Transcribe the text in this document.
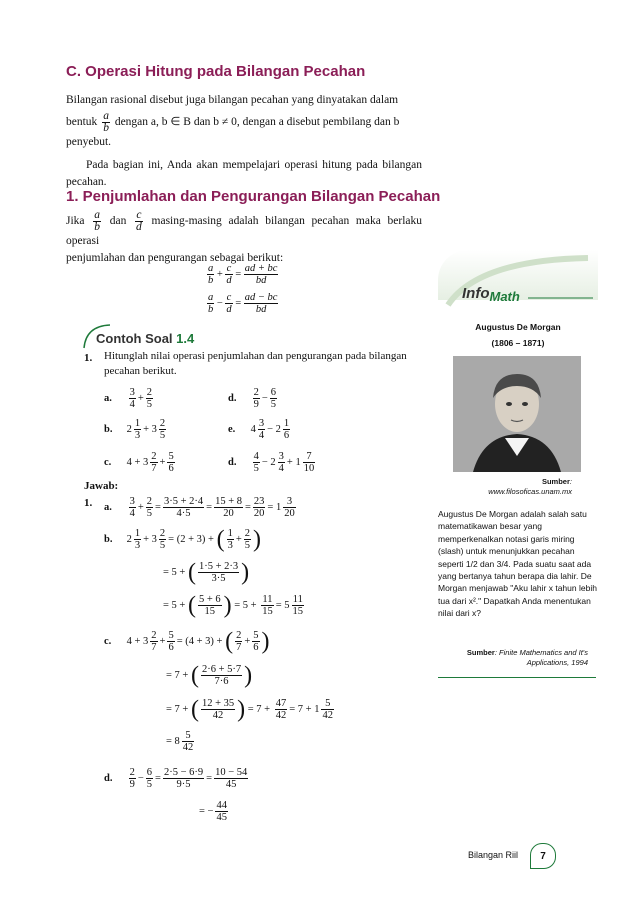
C. Operasi Hitung pada Bilangan Pecahan
Bilangan rasional disebut juga bilangan pecahan yang dinyatakan dalam
bentuk $\frac{a}{b}$ dengan a, b ∈ B dan b ≠ 0, dengan a disebut pembilang dan b
penyebut.
Pada bagian ini, Anda akan mempelajari operasi hitung pada bilangan pecahan.
1. Penjumlahan dan Pengurangan Bilangan Pecahan
Jika $\frac{a}{b}$ dan $\frac{c}{d} masing-masing$ adalah bilangan pecahan maka berlaku operasi
penjumlahan dan pengurangan sebagai berikut:
$\frac{a}{b} + \frac{c}{d} = \frac{ad + bc}{bd}$
$\frac{a}{b} - \frac{c}{d} = \frac{ad - bc}{bd}$
Contoh Soal 1.4
1. Hitunglah nilai operasi penjumlahan dan pengurangan pada bilangan pecahan berikut.
a. $\frac{3}{4} + \frac{2}{5}$	d. $\frac{2}{9} - \frac{6}{5}$
b. $2 \frac{1}{3} + 3 \frac{2}{5}$	e. $4 \frac{3}{4} - 2 \frac{1}{6}$
c. $4 + 3 \frac{2}{7} + \frac{5}{6}$	d. $\frac{4}{5} - 2 \frac{3}{4} + 1 \frac{7}{10}$
Jawab:
1. a. $\frac{3}{4} + \frac{2}{5} = \frac{3\cdot 5 + 2\cdot 4}{4\cdot 5} = \frac{15 + 8}{20} = \frac{23}{20} = 1 \frac{3}{20}$
b. $2 \frac{1}{3} + 3 \frac{2}{5} = (2 + 3)$ + ( $\frac{1}{3} + \frac{2}{5}$ )
= 5 + ( $\frac{1\cdot 5 + 2\cdot 3}{3\cdot 5}$ )
= 5 + ( $\frac{5 + 6}{15}$ ) = $5 + \frac{11}{15} = 5 \frac{11}{15}$
c. $4 + 3 \frac{2}{7} + \frac{5}{6} = (4 + 3)$ + ( $\frac{2}{7} + \frac{5}{6}$ )
= 7 + ( $\frac{2\cdot 6 + 5\cdot 7}{7\cdot 6}$ )
= 7 + ( $\frac{12 + 35}{42}$ ) = $7 + \frac{47}{42} = 7 + 1 \frac{5}{42}$
= $8 \frac{5}{42}$
d. $\frac{2}{9} - \frac{6}{5} = \frac{2\cdot 5 - 6\cdot 9}{9\cdot 5} = \frac{10 - 54}{45}$
= − $\frac{44}{45}$
InfoMath
Augustus De Morgan
(1806 – 1871)
Sumber: www.filosoficas.unam.mx
Augustus De Morgan adalah salah satu matematikawan besar yang memperkenalkan notasi garis miring (slash) untuk menunjukkan pecahan seperti 1/2 dan 3/4. Pada suatu saat ada yang bertanya tahun berapa dia lahir. De Morgan menjawab "Aku lahir x tahun lebih tua dari x²." Dapatkah Anda menentukan nilai dari x?
Sumber: Finite Mathematics and It's Applications, 1994
Bilangan Riil 7
